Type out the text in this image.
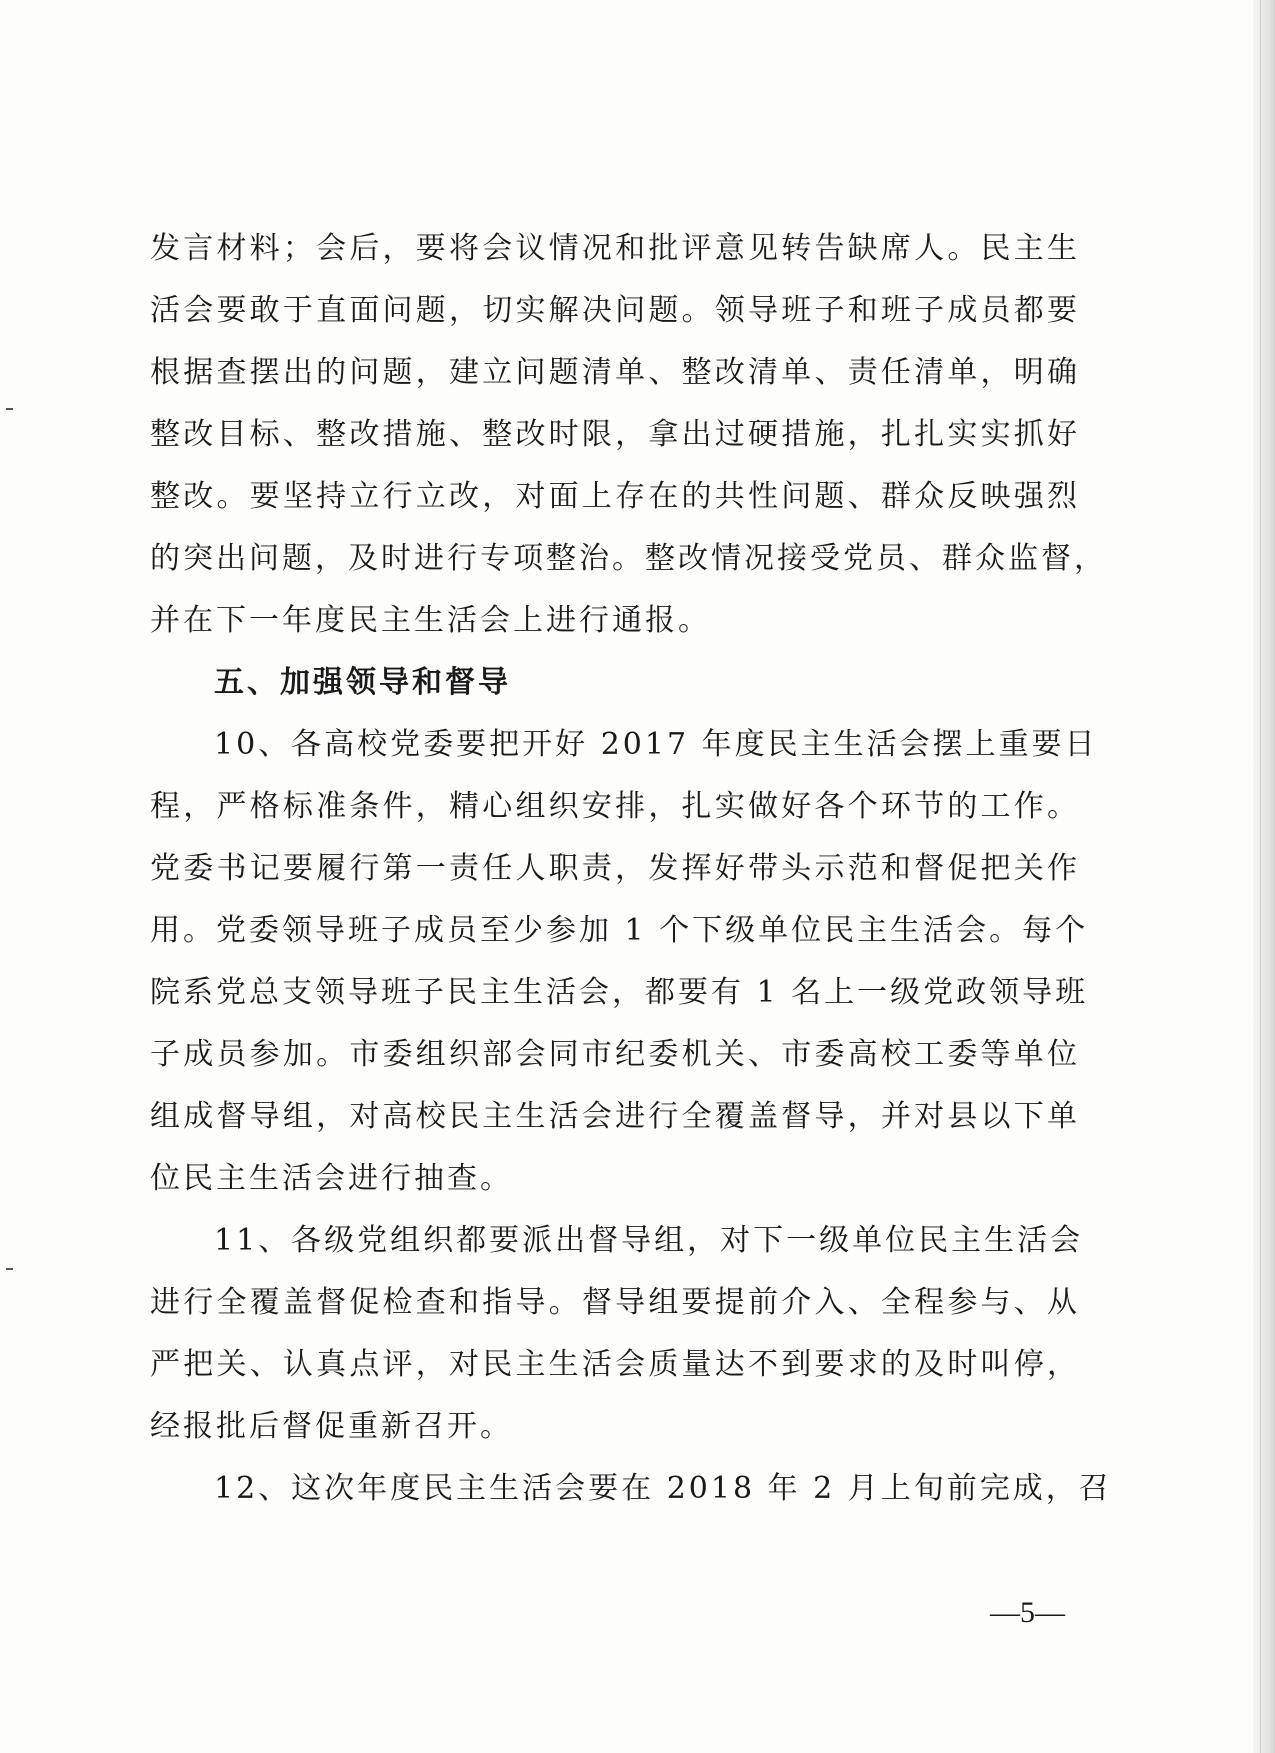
发言材料；会后，要将会议情况和批评意见转告缺席人。民主生
活会要敢于直面问题，切实解决问题。领导班子和班子成员都要
根据查摆出的问题，建立问题清单、整改清单、责任清单，明确
整改目标、整改措施、整改时限，拿出过硬措施，扎扎实实抓好
整改。要坚持立行立改，对面上存在的共性问题、群众反映强烈
的突出问题，及时进行专项整治。整改情况接受党员、群众监督，
并在下一年度民主生活会上进行通报。
五、加强领导和督导
10、各高校党委要把开好 2017 年度民主生活会摆上重要日
程，严格标准条件，精心组织安排，扎实做好各个环节的工作。
党委书记要履行第一责任人职责，发挥好带头示范和督促把关作
用。党委领导班子成员至少参加 1 个下级单位民主生活会。每个
院系党总支领导班子民主生活会，都要有 1 名上一级党政领导班
子成员参加。市委组织部会同市纪委机关、市委高校工委等单位
组成督导组，对高校民主生活会进行全覆盖督导，并对县以下单
位民主生活会进行抽查。
11、各级党组织都要派出督导组，对下一级单位民主生活会
进行全覆盖督促检查和指导。督导组要提前介入、全程参与、从
严把关、认真点评，对民主生活会质量达不到要求的及时叫停，
经报批后督促重新召开。
12、这次年度民主生活会要在 2018 年 2 月上旬前完成，召
—5—
